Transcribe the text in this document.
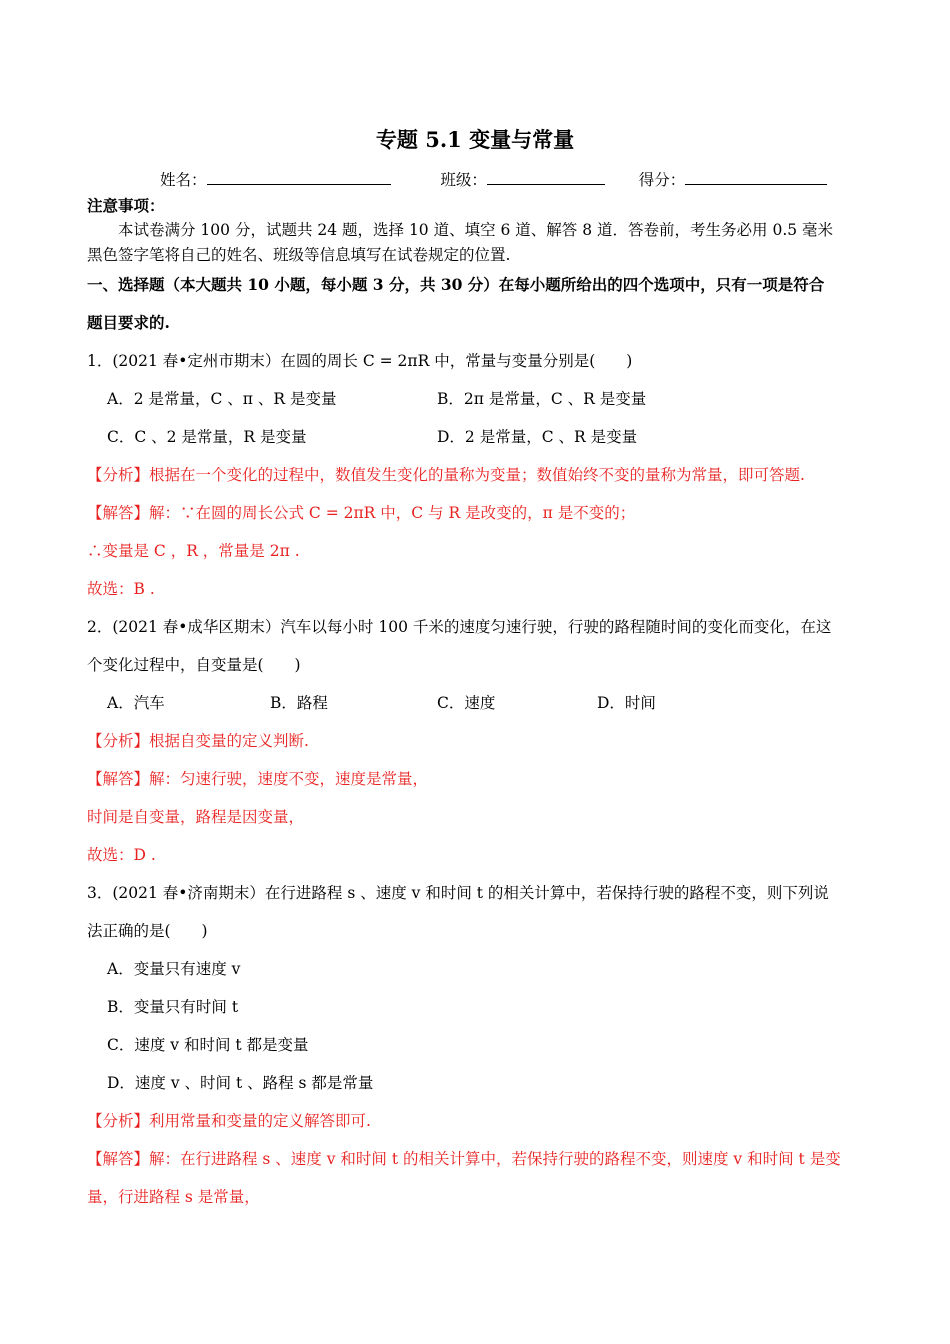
专题 5.1 变量与常量
姓名：	班级：	得分：
注意事项：
本试卷满分 100 分，试题共 24 题，选择 10 道、填空 6 道、解答 8 道．答卷前，考生务必用 0.5 毫米
黑色签字笔将自己的姓名、班级等信息填写在试卷规定的位置.
一、选择题（本大题共 10 小题，每小题 3 分，共 30 分）在每小题所给出的四个选项中，只有一项是符合
题目要求的.
1．(2021 春•定州市期末）在圆的周长 C = 2πR 中，常量与变量分别是(　　)
A．2 是常量，C 、π 、R 是变量	B．2π 是常量，C 、R 是变量
C．C 、2 是常量，R 是变量	D．2 是常量，C 、R 是变量
【分析】根据在一个变化的过程中，数值发生变化的量称为变量；数值始终不变的量称为常量，即可答题.
【解答】解：∵在圆的周长公式 C = 2πR 中，C 与 R 是改变的，π 是不变的；
∴变量是 C ，R ，常量是 2π .
故选：B .
2．(2021 春•成华区期末）汽车以每小时 100 千米的速度匀速行驶，行驶的路程随时间的变化而变化，在这
个变化过程中，自变量是(　　)
A．汽车	B．路程	C．速度	D．时间
【分析】根据自变量的定义判断.
【解答】解：匀速行驶，速度不变，速度是常量，
时间是自变量，路程是因变量，
故选：D .
3．(2021 春•济南期末）在行进路程 s 、速度 v 和时间 t 的相关计算中，若保持行驶的路程不变，则下列说
法正确的是(　　)
A．变量只有速度 v
B．变量只有时间 t
C．速度 v 和时间 t 都是变量
D．速度 v 、时间 t 、路程 s 都是常量
【分析】利用常量和变量的定义解答即可.
【解答】解：在行进路程 s 、速度 v 和时间 t 的相关计算中，若保持行驶的路程不变，则速度 v 和时间 t 是变
量，行进路程 s 是常量，
